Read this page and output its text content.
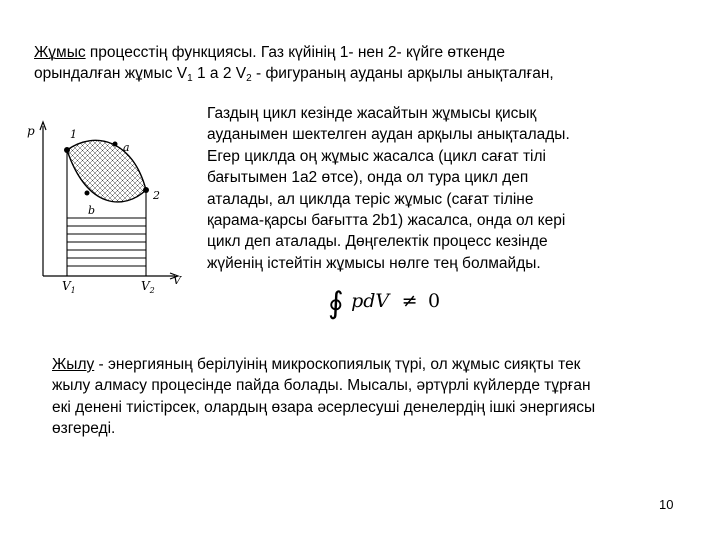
Жұмыс процесстің функциясы. Газ күйінің 1- нен 2- күйге өткенде
орындалған жұмыс $V_1$ 1 а 2 $V_2$ - фигураның ауданы арқылы анықталған,
p
V
1
a
2
b
$V_1$	$V_2$
Газдың цикл кезінде жасайтын жұмысы қисық
ауданымен шектелген аудан арқылы анықталады.
Егер циклда оң жұмыс жасалса (цикл сағат тілі
бағытымен 1а2 өтсе), онда ол тура цикл деп
аталады, ал циклда теріс жұмыс (сағат тіліне
қарама-қарсы бағытта 2b1) жасалса, онда ол кері
цикл деп аталады. Дөңгелектік процесс кезінде
жүйенің істейтін жұмысы нөлге тең болмайды.
∮ pdV ≠ 0
Жылу - энергияның берілуінің микроскопиялық түрі, ол жұмыс сияқты тек
жылу алмасу процесінде пайда болады. Мысалы, әртүрлі күйлерде тұрған
екі денені тиістірсек, олардың өзара әсерлесуші денелердің ішкі энергиясы
өзгереді.
10
